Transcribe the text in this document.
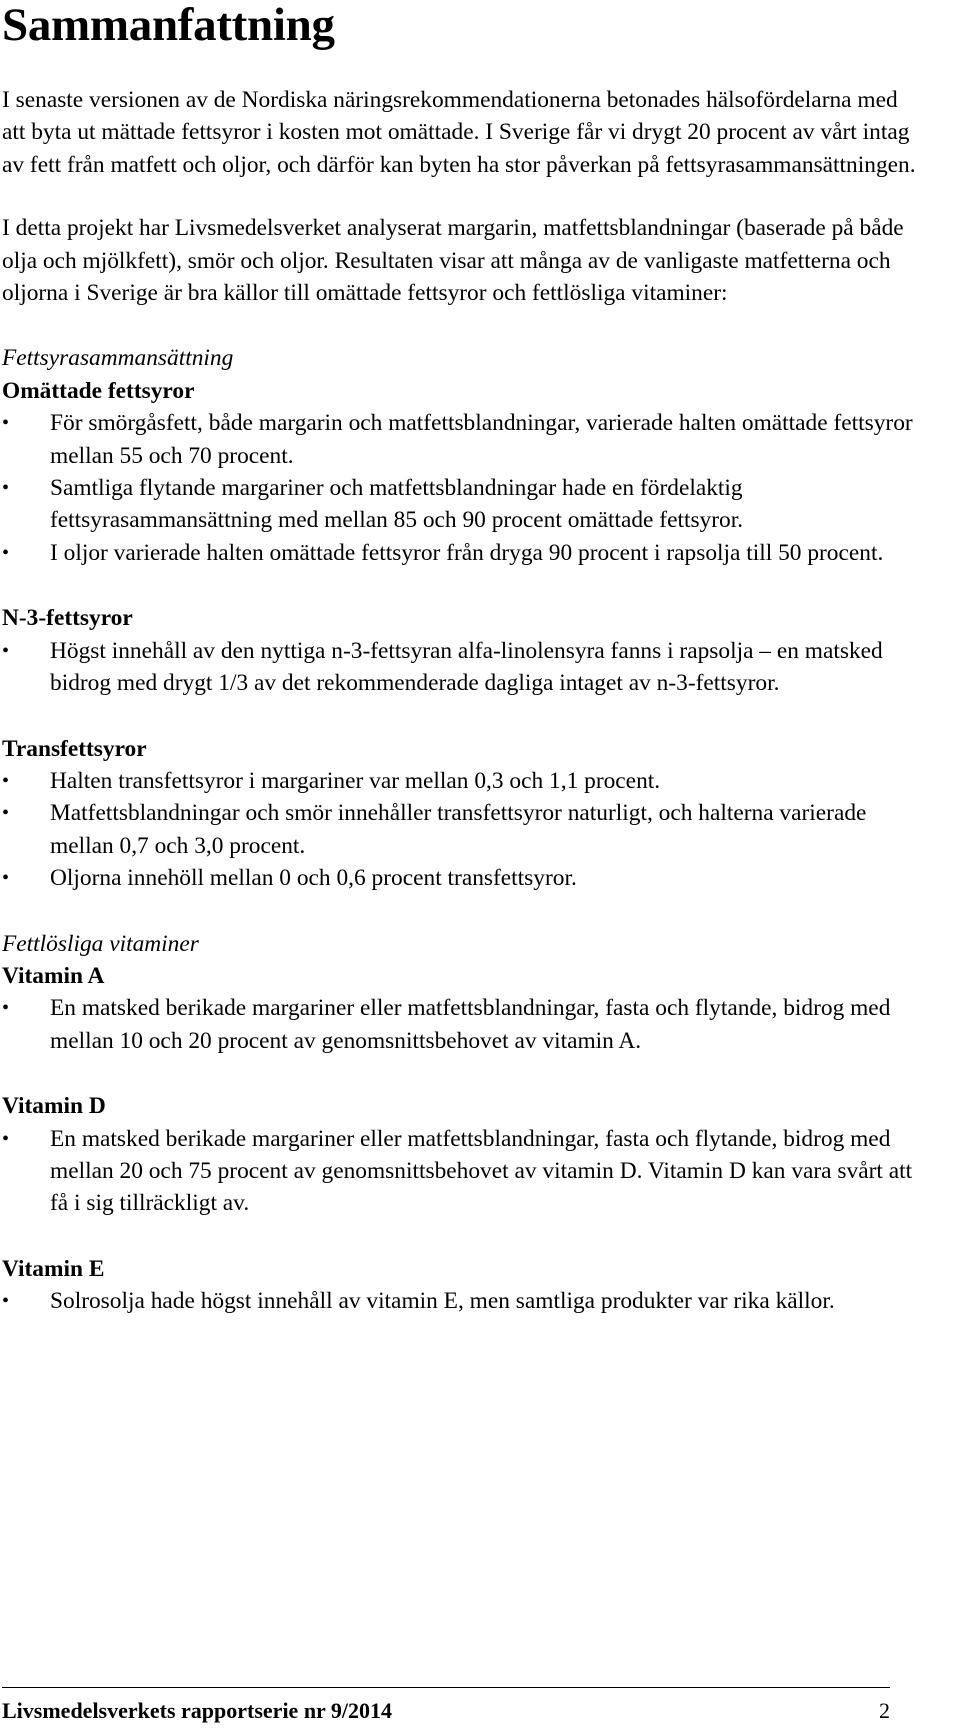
Sammanfattning

I senaste versionen av de Nordiska näringsrekommendationerna betonades hälsofördelarna med att byta ut mättade fettsyror i kosten mot omättade. I Sverige får vi drygt 20 procent av vårt intag av fett från matfett och oljor, och därför kan byten ha stor påverkan på fettsyrasammansättningen.

I detta projekt har Livsmedelsverket analyserat margarin, matfettsblandningar (baserade på både olja och mjölkfett), smör och oljor. Resultaten visar att många av de vanligaste matfetterna och oljorna i Sverige är bra källor till omättade fettsyror och fettlösliga vitaminer:

Fettsyrasammansättning
Omättade fettsyror
•	För smörgåsfett, både margarin och matfettsblandningar, varierade halten omättade fettsyror mellan 55 och 70 procent.
•	Samtliga flytande margariner och matfettsblandningar hade en fördelaktig fettsyrasammansättning med mellan 85 och 90 procent omättade fettsyror.
•	I oljor varierade halten omättade fettsyror från dryga 90 procent i rapsolja till 50 procent.
N-3-fettsyror
•	Högst innehåll av den nyttiga n-3-fettsyran alfa-linolensyra fanns i rapsolja – en matsked bidrog med drygt 1/3 av det rekommenderade dagliga intaget av n-3-fettsyror.
Transfettsyror
•	Halten transfettsyror i margariner var mellan 0,3 och 1,1 procent.
•	Matfettsblandningar och smör innehåller transfettsyror naturligt, och halterna varierade mellan 0,7 och 3,0 procent.
•	Oljorna innehöll mellan 0 och 0,6 procent transfettsyror.
Fettlösliga vitaminer
Vitamin A
•	En matsked berikade margariner eller matfettsblandningar, fasta och flytande, bidrog med mellan 10 och 20 procent av genomsnittsbehovet av vitamin A.
Vitamin D
•	En matsked berikade margariner eller matfettsblandningar, fasta och flytande, bidrog med mellan 20 och 75 procent av genomsnittsbehovet av vitamin D. Vitamin D kan vara svårt att få i sig tillräckligt av.
Vitamin E
•	Solrosolja hade högst innehåll av vitamin E, men samtliga produkter var rika källor.
Livsmedelsverkets rapportserie nr 9/2014	2
